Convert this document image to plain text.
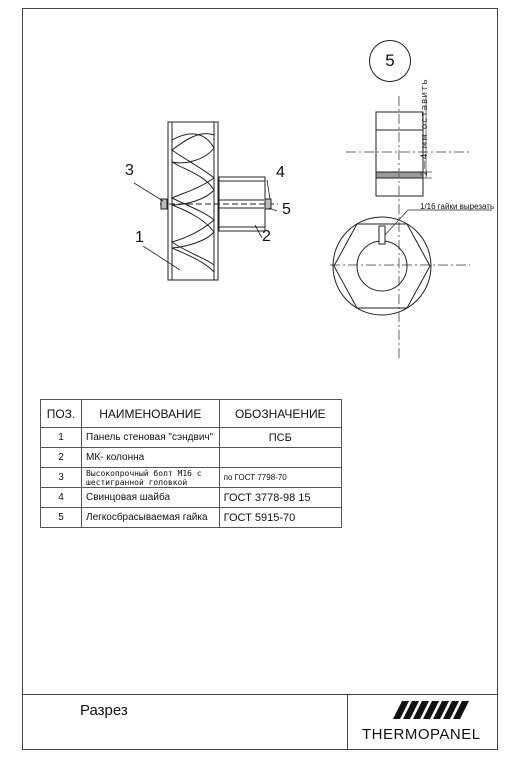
3
1
4
5
2
5
2—4 мм оставить
1/16 гайки вырезать
ПОЗ.	НАИМЕНОВАНИЕ	ОБОЗНАЧЕНИЕ
1	Панель стеновая "сэндвич"	ПСБ
2	МК- колонна	
3	Высокопрочный болт М16 с шестигранной головкой	по ГОСТ 7798-70
4	Свинцовая шайба	ГОСТ 3778-98 15
5	Легкосбрасываемая гайка	ГОСТ 5915-70
Разрез
THERMOPANEL
